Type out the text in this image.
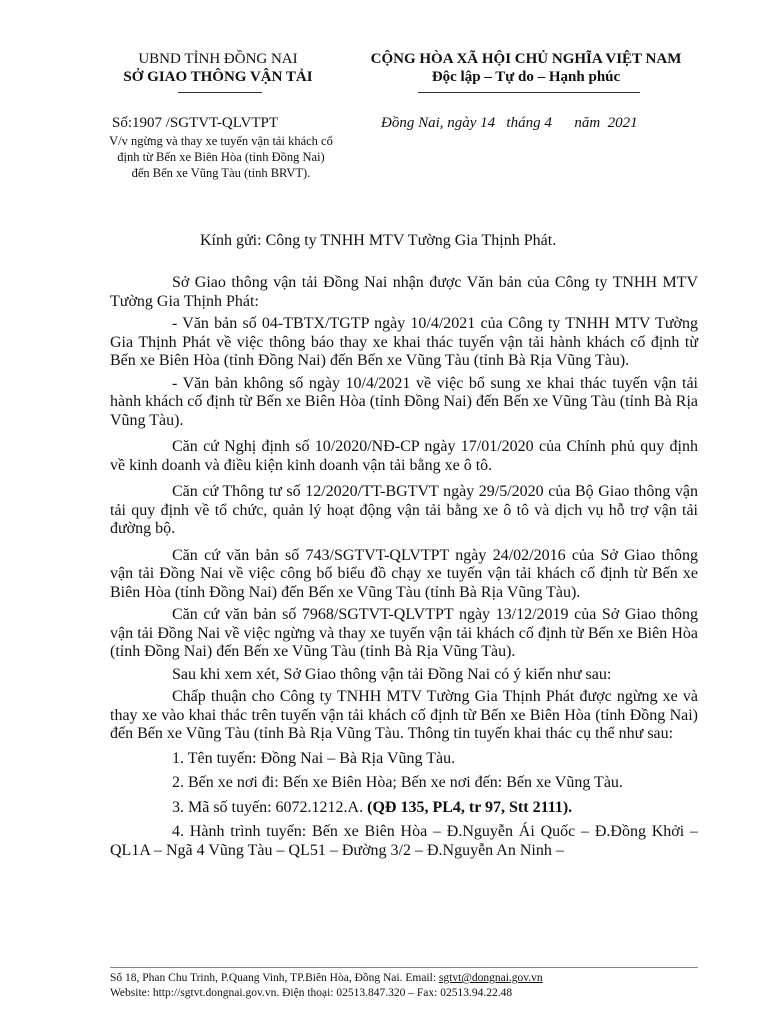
UBND TỈNH ĐỒNG NAI
SỞ GIAO THÔNG VẬN TẢI
CỘNG HÒA XÃ HỘI CHỦ NGHĨA VIỆT NAM
Độc lập – Tự do – Hạnh phúc
Số:1907 /SGTVT-QLVTPT
V/v ngừng và thay xe tuyến vận tải khách cố định từ Bến xe Biên Hòa (tỉnh Đồng Nai) đến Bến xe Vũng Tàu (tỉnh BRVT).
Đồng Nai, ngày 14   tháng 4      năm  2021
Kính gửi: Công ty TNHH MTV Tường Gia Thịnh Phát.

Sở Giao thông vận tải Đồng Nai nhận được Văn bản của Công ty TNHH MTV Tường Gia Thịnh Phát:

- Văn bản số 04-TBTX/TGTP ngày 10/4/2021 của Công ty TNHH MTV Tường Gia Thịnh Phát về việc thông báo thay xe khai thác tuyến vận tải hành khách cố định từ Bến xe Biên Hòa (tỉnh Đồng Nai) đến Bến xe Vũng Tàu (tỉnh Bà Rịa Vũng Tàu).

- Văn bản không số ngày 10/4/2021 về việc bổ sung xe khai thác tuyến vận tải hành khách cố định từ Bến xe Biên Hòa (tỉnh Đồng Nai) đến Bến xe Vũng Tàu (tỉnh Bà Rịa Vũng Tàu).

Căn cứ Nghị định số 10/2020/NĐ-CP ngày 17/01/2020 của Chính phủ quy định về kinh doanh và điều kiện kinh doanh vận tải bằng xe ô tô.

Căn cứ Thông tư số 12/2020/TT-BGTVT ngày 29/5/2020 của Bộ Giao thông vận tải quy định về tổ chức, quản lý hoạt động vận tải bằng xe ô tô và dịch vụ hỗ trợ vận tải đường bộ.

Căn cứ văn bản số 743/SGTVT-QLVTPT ngày 24/02/2016 của Sở Giao thông vận tải Đồng Nai về việc công bố biểu đồ chạy xe tuyến vận tải khách cố định từ Bến xe Biên Hòa (tỉnh Đồng Nai) đến Bến xe Vũng Tàu (tỉnh Bà Rịa Vũng Tàu).

Căn cứ văn bản số 7968/SGTVT-QLVTPT ngày 13/12/2019 của Sở Giao thông vận tải Đồng Nai về việc ngừng và thay xe tuyến vận tải khách cố định từ Bến xe Biên Hòa (tỉnh Đồng Nai) đến Bến xe Vũng Tàu (tỉnh Bà Rịa Vũng Tàu).

Sau khi xem xét, Sở Giao thông vận tải Đồng Nai có ý kiến như sau:

Chấp thuận cho Công ty TNHH MTV Tường Gia Thịnh Phát được ngừng xe và thay xe vào khai thác trên tuyến vận tải khách cố định từ Bến xe Biên Hòa (tỉnh Đồng Nai) đến Bến xe Vũng Tàu (tỉnh Bà Rịa Vũng Tàu. Thông tin tuyến khai thác cụ thể như sau:

1. Tên tuyến: Đồng Nai – Bà Rịa Vũng Tàu.

2. Bến xe nơi đi: Bến xe Biên Hòa; Bến xe nơi đến: Bến xe Vũng Tàu.

3. Mã số tuyến: 6072.1212.A. (QĐ 135, PL4, tr 97, Stt 2111).

4. Hành trình tuyến: Bến xe Biên Hòa – Đ.Nguyễn Ái Quốc – Đ.Đồng Khởi – QL1A – Ngã 4 Vũng Tàu – QL51 – Đường 3/2 – Đ.Nguyễn An Ninh –

Số 18, Phan Chu Trinh, P.Quang Vinh, TP.Biên Hòa, Đồng Nai. Email: sgtvt@dongnai.gov.vn
Website: http://sgtvt.dongnai.gov.vn. Điện thoại: 02513.847.320 – Fax: 02513.94.22.48
